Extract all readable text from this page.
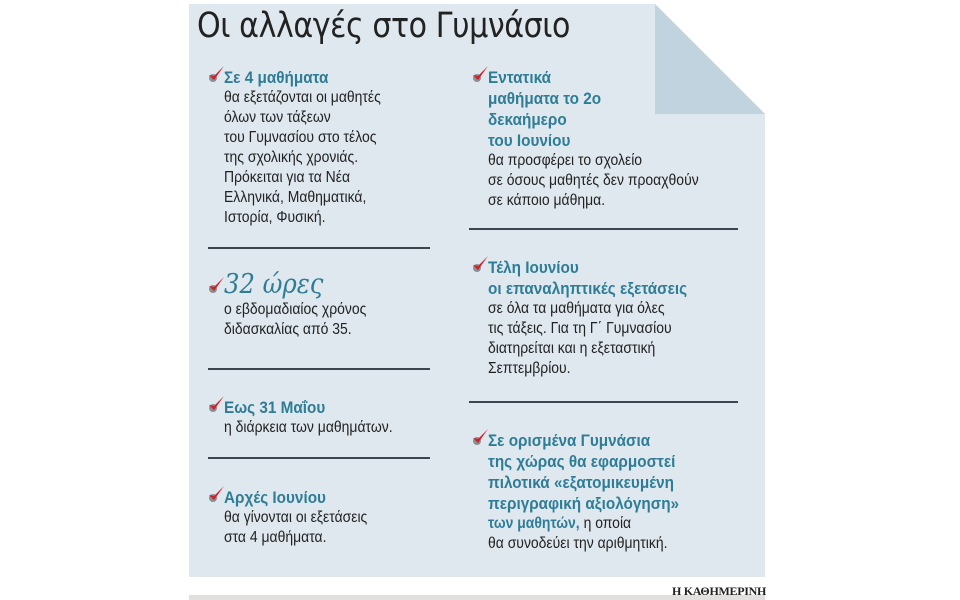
Οι αλλαγές στο Γυμνάσιο
Σε 4 μαθήματα
θα εξετάζονται οι μαθητές
όλων των τάξεων
του Γυμνασίου στο τέλος
της σχολικής χρονιάς.
Πρόκειται για τα Νέα
Ελληνικά, Μαθηματικά,
Ιστορία, Φυσική.
32 ώρες
ο εβδομαδιαίος χρόνος
διδασκαλίας από 35.
Εως 31 Μαΐου
η διάρκεια των μαθημάτων.
Αρχές Ιουνίου
θα γίνονται οι εξετάσεις
στα 4 μαθήματα.
Εντατικά
μαθήματα το 2ο
δεκαήμερο
του Ιουνίου
θα προσφέρει το σχολείο
σε όσους μαθητές δεν προαχθούν
σε κάποιο μάθημα.
Τέλη Ιουνίου
οι επαναληπτικές εξετάσεις
σε όλα τα μαθήματα για όλες
τις τάξεις. Για τη Γ΄ Γυμνασίου
διατηρείται και η εξεταστική
Σεπτεμβρίου.
Σε ορισμένα Γυμνάσια
της χώρας θα εφαρμοστεί
πιλοτικά «εξατομικευμένη
περιγραφική αξιολόγηση»
των μαθητών, η οποία
θα συνοδεύει την αριθμητική.
Η ΚΑΘΗΜΕΡΙΝΗ
